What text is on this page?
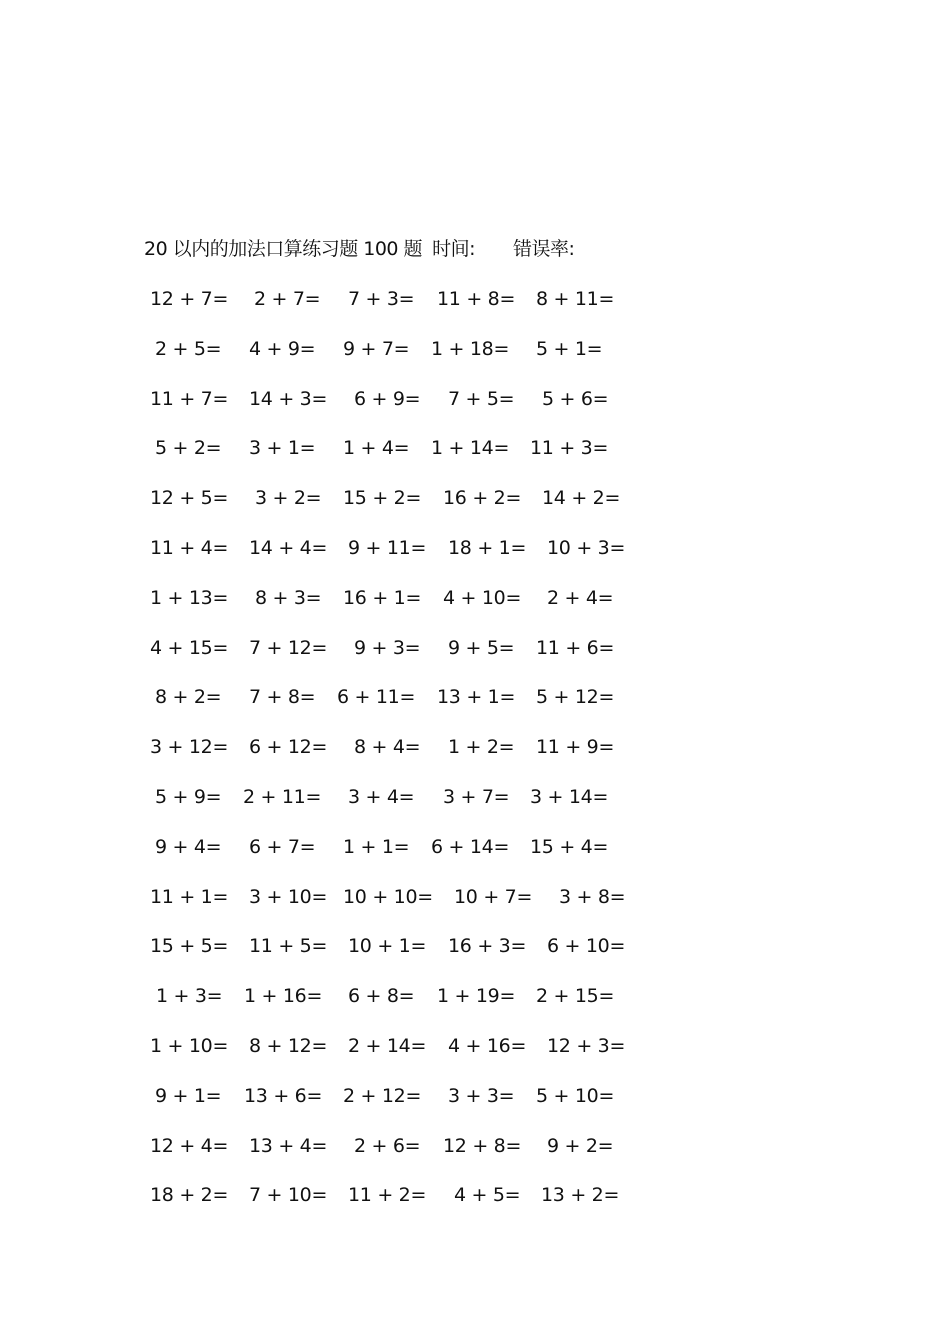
20 以内的加法口算练习题 100 题 时间: 错误率:
12 + 7= 2 + 7= 7 + 3= 11 + 8= 8 + 11=
2 + 5= 4 + 9= 9 + 7= 1 + 18= 5 + 1=
11 + 7= 14 + 3= 6 + 9= 7 + 5= 5 + 6=
5 + 2= 3 + 1= 1 + 4= 1 + 14= 11 + 3=
12 + 5= 3 + 2= 15 + 2= 16 + 2= 14 + 2=
11 + 4= 14 + 4= 9 + 11= 18 + 1= 10 + 3=
1 + 13= 8 + 3= 16 + 1= 4 + 10= 2 + 4=
4 + 15= 7 + 12= 9 + 3= 9 + 5= 11 + 6=
8 + 2= 7 + 8= 6 + 11= 13 + 1= 5 + 12=
3 + 12= 6 + 12= 8 + 4= 1 + 2= 11 + 9=
5 + 9= 2 + 11= 3 + 4= 3 + 7= 3 + 14=
9 + 4= 6 + 7= 1 + 1= 6 + 14= 15 + 4=
11 + 1= 3 + 10= 10 + 10= 10 + 7= 3 + 8=
15 + 5= 11 + 5= 10 + 1= 16 + 3= 6 + 10=
1 + 3= 1 + 16= 6 + 8= 1 + 19= 2 + 15=
1 + 10= 8 + 12= 2 + 14= 4 + 16= 12 + 3=
9 + 1= 13 + 6= 2 + 12= 3 + 3= 5 + 10=
12 + 4= 13 + 4= 2 + 6= 12 + 8= 9 + 2=
18 + 2= 7 + 10= 11 + 2= 4 + 5= 13 + 2=
